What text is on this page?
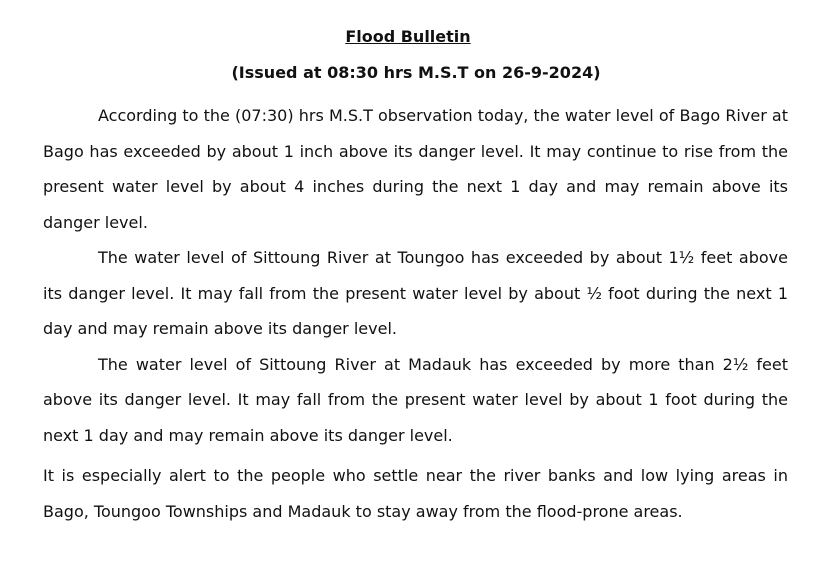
Flood Bulletin
(Issued at 08:30 hrs M.S.T on 26-9-2024)

According to the (07:30) hrs M.S.T observation today, the water level of Bago River at Bago has exceeded by about 1 inch above its danger level. It may continue to rise from the present water level by about 4 inches during the next 1 day and may remain above its danger level.

The water level of Sittoung River at Toungoo has exceeded by about 1½ feet above its danger level. It may fall from the present water level by about ½ foot during the next 1 day and may remain above its danger level.

The water level of Sittoung River at Madauk has exceeded by more than 2½ feet above its danger level. It may fall from the present water level by about 1 foot during the next 1 day and may remain above its danger level.

It is especially alert to the people who settle near the river banks and low lying areas in Bago, Toungoo Townships and Madauk to stay away from the flood-prone areas.
